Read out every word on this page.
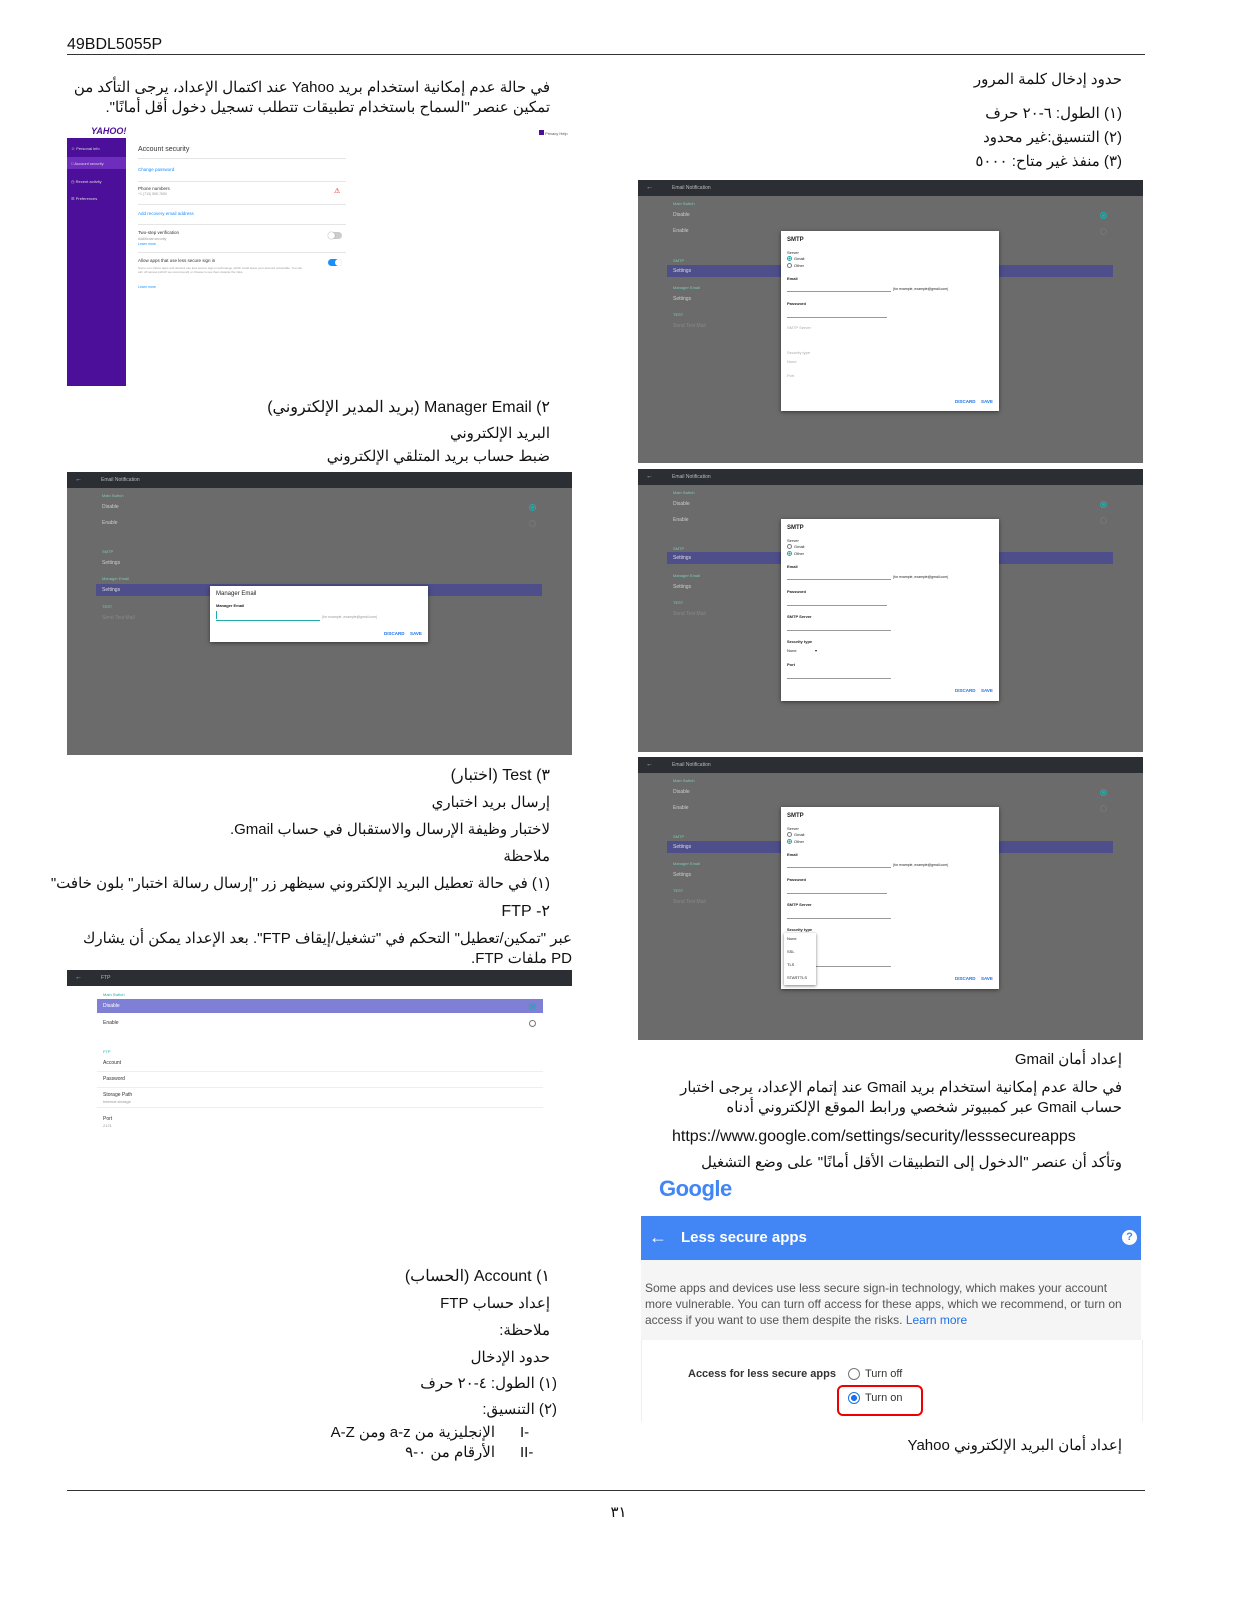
49BDL5055P
حدود إدخال كلمة المرور
(١) الطول: ٦-٢٠ حرف
(٢) التنسيق:غير محدود
(٣) منفذ غير متاح: ٥٠٠٠
←	Email Notification
Main Switch
Disable
Enable
SMTP
Settings
Manager Email
Settings
TEST
Send Test Mail
SMTP
Server
Gmail
Other
Email
(for example, example@gmail.com)
Password
SMTP Server
Security type
None
Port
DISCARD SAVE
←	Email Notification
Main Switch
Disable
Enable
SMTP
Settings
Manager Email
Settings
TEST
Send Test Mail
SMTP
Server
Gmail
Other
Email
(for example, example@gmail.com)
Password
SMTP Server
Security type
None	▾
Port
DISCARD SAVE
←	Email Notification
Main Switch
Disable
Enable
SMTP
Settings
Manager Email
Settings
TEST
Send Test Mail
SMTP
Server
Gmail
Other
Email
(for example, example@gmail.com)
Password
SMTP Server
Security type
None
SSL
TLS
STARTTLS	DISCARD SAVE
إعداد أمان Gmail
في حالة عدم إمكانية استخدام بريد Gmail عند إتمام الإعداد، يرجى اختبار حساب Gmail عبر كمبيوتر شخصي ورابط الموقع الإلكتروني أدناه
https://www.google.com/settings/security/lesssecureapps
وتأكد أن عنصر "الدخول إلى التطبيقات الأقل أمانًا" على وضع التشغيل
Google
← Less secure apps	?
Some apps and devices use less secure sign-in technology, which makes your account more vulnerable. You can turn off access for these apps, which we recommend, or turn on access if you want to use them despite the risks. Learn more
Access for less secure apps	Turn off
Turn on
إعداد أمان البريد الإلكتروني Yahoo
في حالة عدم إمكانية استخدام بريد Yahoo عند اكتمال الإعداد، يرجى التأكد من تمكين عنصر "السماح باستخدام تطبيقات تتطلب تسجيل دخول أقل أمانًا".
YAHOO!	Privacy Help
☺ Personal info
□ Account security
◷ Recent activity
☰ Preferences
Account security
Change password
Phone numbers
+1 (713) 555-7650	⚠
Add recovery email address
Two-step verification
Additional security
Learn more
Allow apps that use less secure sign in
Some non-Yahoo apps and devices use less secure sign-in technology, which could leave your account vulnerable. You can turn off access (which we recommend) or choose to use them despite the risks.
Learn more
٢) Manager Email (بريد المدير الإلكتروني)
البريد الإلكتروني
ضبط حساب بريد المتلقي الإلكتروني
←	Email Notification
Main Switch
Disable
Enable
SMTP
Settings
Manager Email
Settings
TEST
Send Test Mail
Manager Email
Manager Email
(for example, example@gmail.com)
DISCARD SAVE
٣) Test (اختبار)
إرسال بريد اختباري
لاختبار وظيفة الإرسال والاستقبال في حساب Gmail.
ملاحظة
(١) في حالة تعطيل البريد الإلكتروني سيظهر زر "إرسال رسالة اختبار" بلون خافت"
٢- FTP
عبر "تمكين/تعطيل" التحكم في "تشغيل/إيقاف FTP". بعد الإعداد يمكن أن يشارك PD ملفات FTP.
←	FTP
Main Switch
Disable
Enable
FTP
Account
Password
Storage Path
Internal storage
Port
2121
١) Account (الحساب)
إعداد حساب FTP
ملاحظة:
حدود الإدخال
(١) الطول: ٤-٢٠ حرف
(٢) التنسيق:
I-
الإنجليزية من a-z ومن A-Z
II-
الأرقام من ٠-٩
٣١
